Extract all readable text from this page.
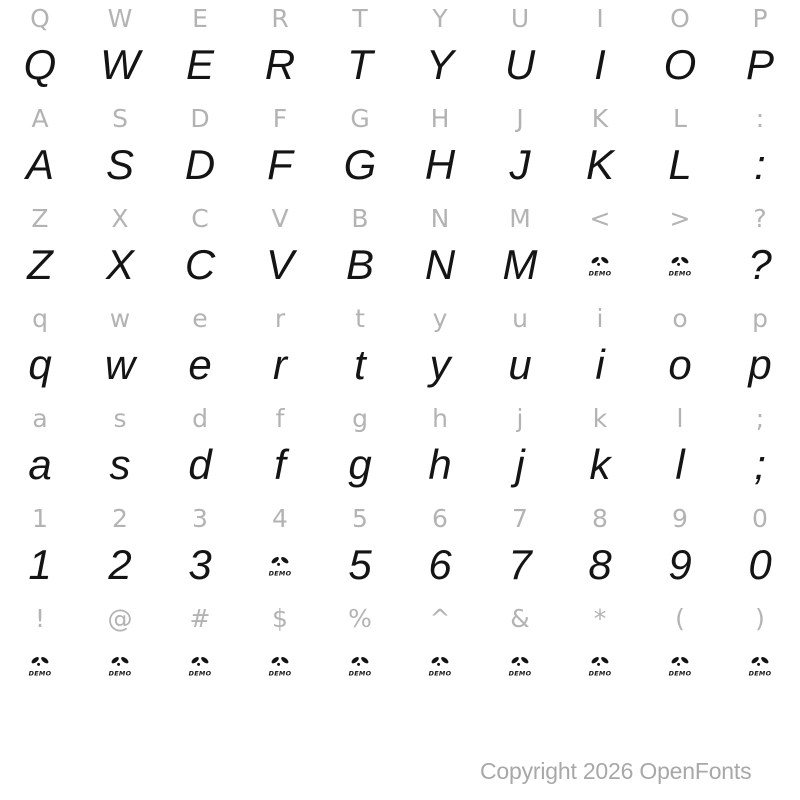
Q
Q
W
W
E
E
R
R
T
T
Y
Y
U
U
I
I
O
O
P
P
A
A
S
S
D
D
F
F
G
G
H
H
J
J
K
K
L
L
:
:
Z
Z
X
X
C
C
V
V
B
B
N
N
M
M
<
DEMO
>
DEMO
?
?
q
q
w
w
e
e
r
r
t
t
y
y
u
u
i
i
o
o
p
p
a
a
s
s
d
d
f
f
g
g
h
h
j
j
k
k
l
l
;
;
1
1
2
2
3
3
4
DEMO
5
5
6
6
7
7
8
8
9
9
0
0
!
DEMO
@
DEMO
#
DEMO
$
DEMO
%
DEMO
^
DEMO
&
DEMO
*
DEMO
(
DEMO
)
DEMO
Copyright 2026 OpenFonts
